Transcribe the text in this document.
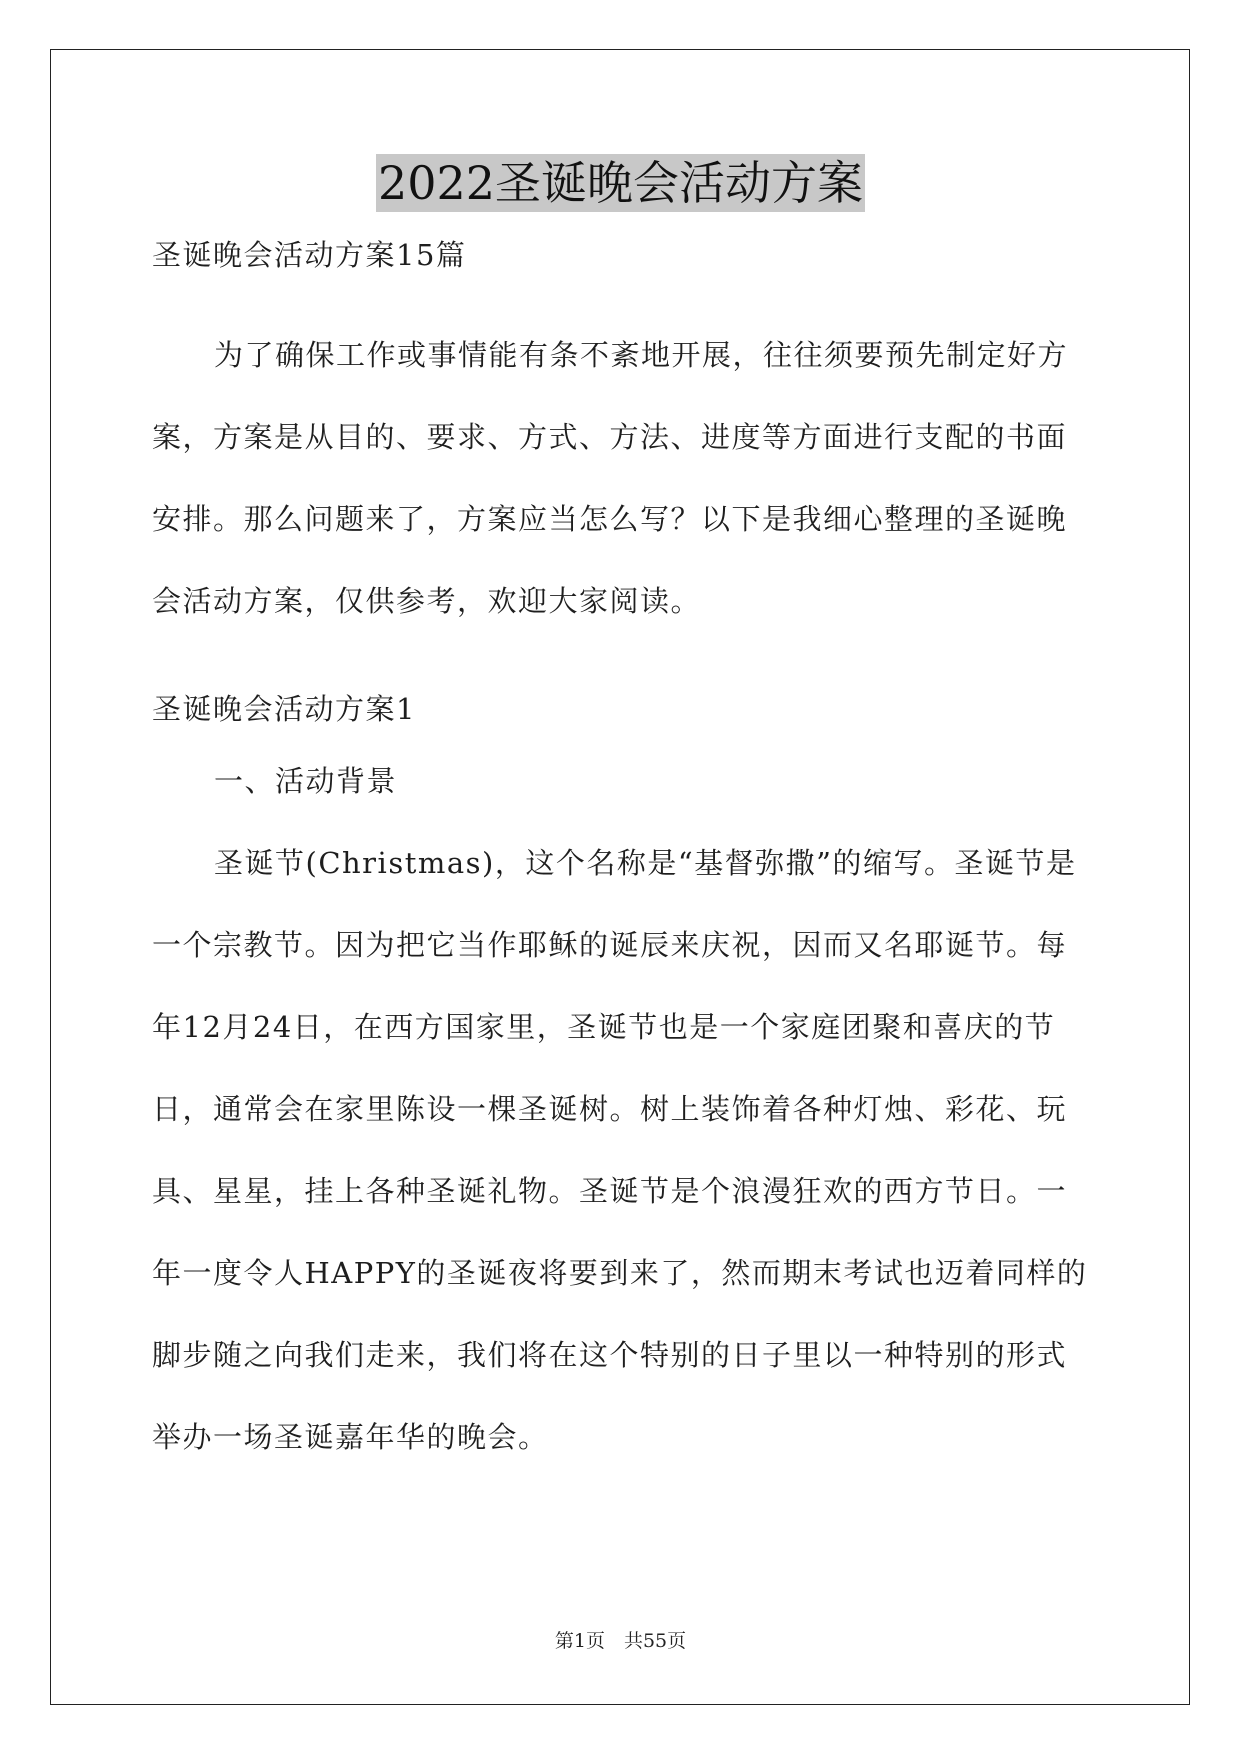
2022圣诞晚会活动方案

圣诞晚会活动方案15篇

为了确保工作或事情能有条不紊地开展，往往须要预先制定好方案，方案是从目的、要求、方式、方法、进度等方面进行支配的书面安排。那么问题来了，方案应当怎么写？以下是我细心整理的圣诞晚会活动方案，仅供参考，欢迎大家阅读。

圣诞晚会活动方案1

一、活动背景

圣诞节(Christmas)，这个名称是“基督弥撒”的缩写。圣诞节是一个宗教节。因为把它当作耶稣的诞辰来庆祝，因而又名耶诞节。每年12月24日，在西方国家里，圣诞节也是一个家庭团聚和喜庆的节日，通常会在家里陈设一棵圣诞树。树上装饰着各种灯烛、彩花、玩具、星星，挂上各种圣诞礼物。圣诞节是个浪漫狂欢的西方节日。一年一度令人HAPPY的圣诞夜将要到来了，然而期末考试也迈着同样的脚步随之向我们走来，我们将在这个特别的日子里以一种特别的形式举办一场圣诞嘉年华的晚会。

第1页　共55页
